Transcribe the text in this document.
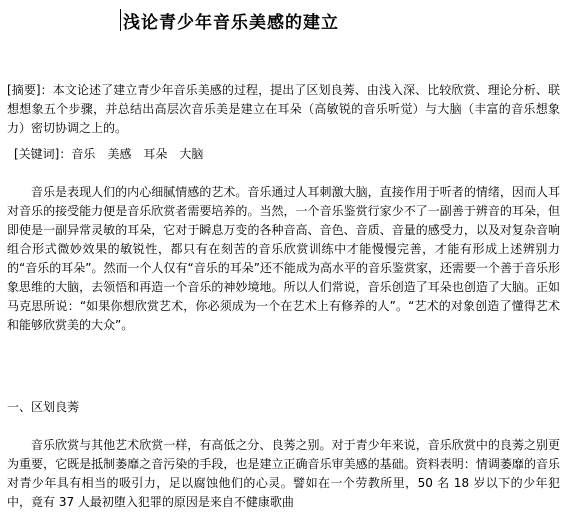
浅论青少年音乐美感的建立
[摘要]：本文论述了建立青少年音乐美感的过程，提出了区划良莠、由浅入深、比较欣赏、理论分析、联想想象五个步骤，并总结出高层次音乐美是建立在耳朵（高敏锐的音乐听觉）与大脑（丰富的音乐想象力）密切协调之上的。
[关键词]：音乐　美感　耳朵　大脑
音乐是表现人们的内心细腻情感的艺术。音乐通过人耳刺激大脑，直接作用于听者的情绪，因而人耳对音乐的接受能力便是音乐欣赏者需要培养的。当然，一个音乐鉴赏行家少不了一副善于辨音的耳朵，但即使是一副异常灵敏的耳朵，它对于瞬息万变的各种音高、音色、音质、音量的感受力，以及对复杂音响组合形式微妙效果的敏锐性，都只有在刻苦的音乐欣赏训练中才能慢慢完善，才能有形成上述辨别力的“音乐的耳朵”。然而一个人仅有“音乐的耳朵”还不能成为高水平的音乐鉴赏家，还需要一个善于音乐形象思维的大脑，去领悟和再造一个音乐的神妙境地。所以人们常说，音乐创造了耳朵也创造了大脑。正如马克思所说：“如果你想欣赏艺术，你必须成为一个在艺术上有修养的人”。“艺术的对象创造了懂得艺术和能够欣赏美的大众”。
一、区划良莠
音乐欣赏与其他艺术欣赏一样，有高低之分、良莠之别。对于青少年来说，音乐欣赏中的良莠之别更为重要，它既是抵制萎靡之音污染的手段，也是建立正确音乐审美感的基础。资料表明：情调萎靡的音乐对青少年具有相当的吸引力，足以腐蚀他们的心灵。譬如在一个劳教所里，50 名 18 岁以下的少年犯中，竟有 37 人最初堕入犯罪的原因是来自不健康歌曲
